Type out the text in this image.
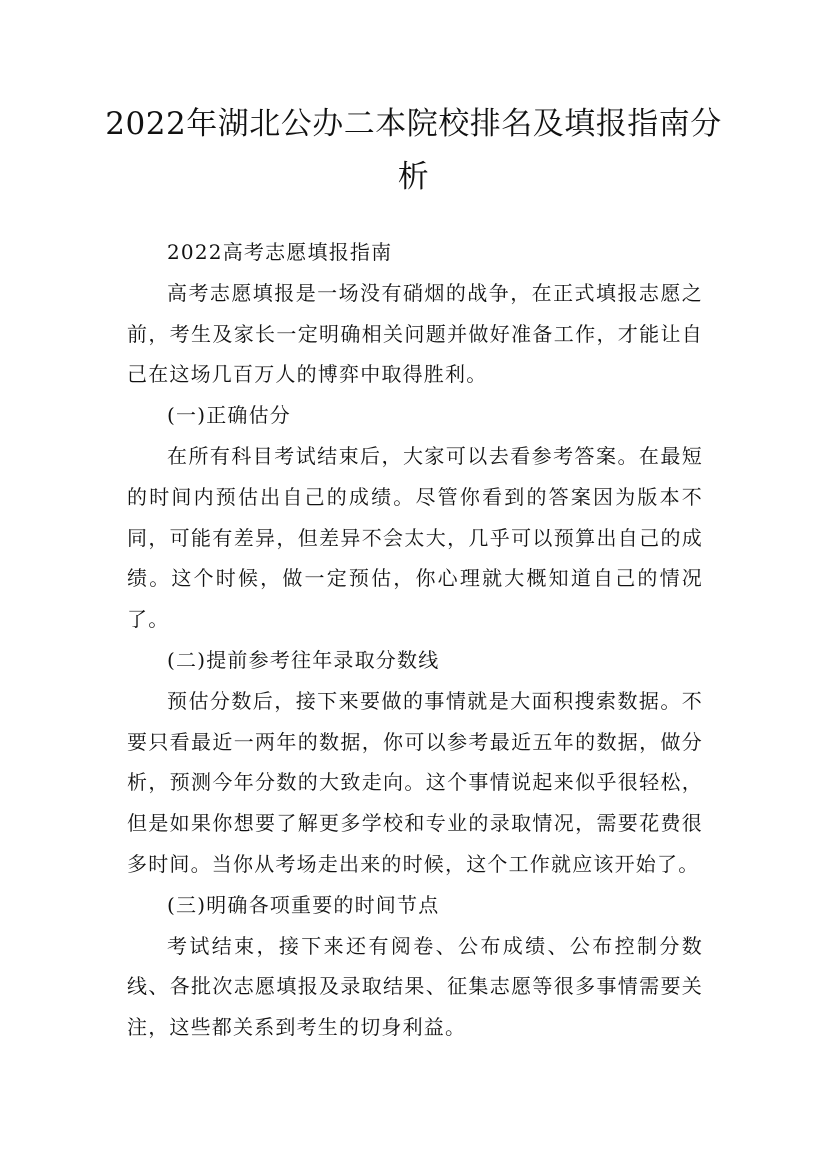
2022年湖北公办二本院校排名及填报指南分析

2022高考志愿填报指南

高考志愿填报是一场没有硝烟的战争，在正式填报志愿之前，考生及家长一定明确相关问题并做好准备工作，才能让自己在这场几百万人的博弈中取得胜利。

(一)正确估分

在所有科目考试结束后，大家可以去看参考答案。在最短的时间内预估出自己的成绩。尽管你看到的答案因为版本不同，可能有差异，但差异不会太大，几乎可以预算出自己的成绩。这个时候，做一定预估，你心理就大概知道自己的情况了。

(二)提前参考往年录取分数线

预估分数后，接下来要做的事情就是大面积搜索数据。不要只看最近一两年的数据，你可以参考最近五年的数据，做分析，预测今年分数的大致走向。这个事情说起来似乎很轻松，但是如果你想要了解更多学校和专业的录取情况，需要花费很多时间。当你从考场走出来的时候，这个工作就应该开始了。

(三)明确各项重要的时间节点

考试结束，接下来还有阅卷、公布成绩、公布控制分数线、各批次志愿填报及录取结果、征集志愿等很多事情需要关注，这些都关系到考生的切身利益。
